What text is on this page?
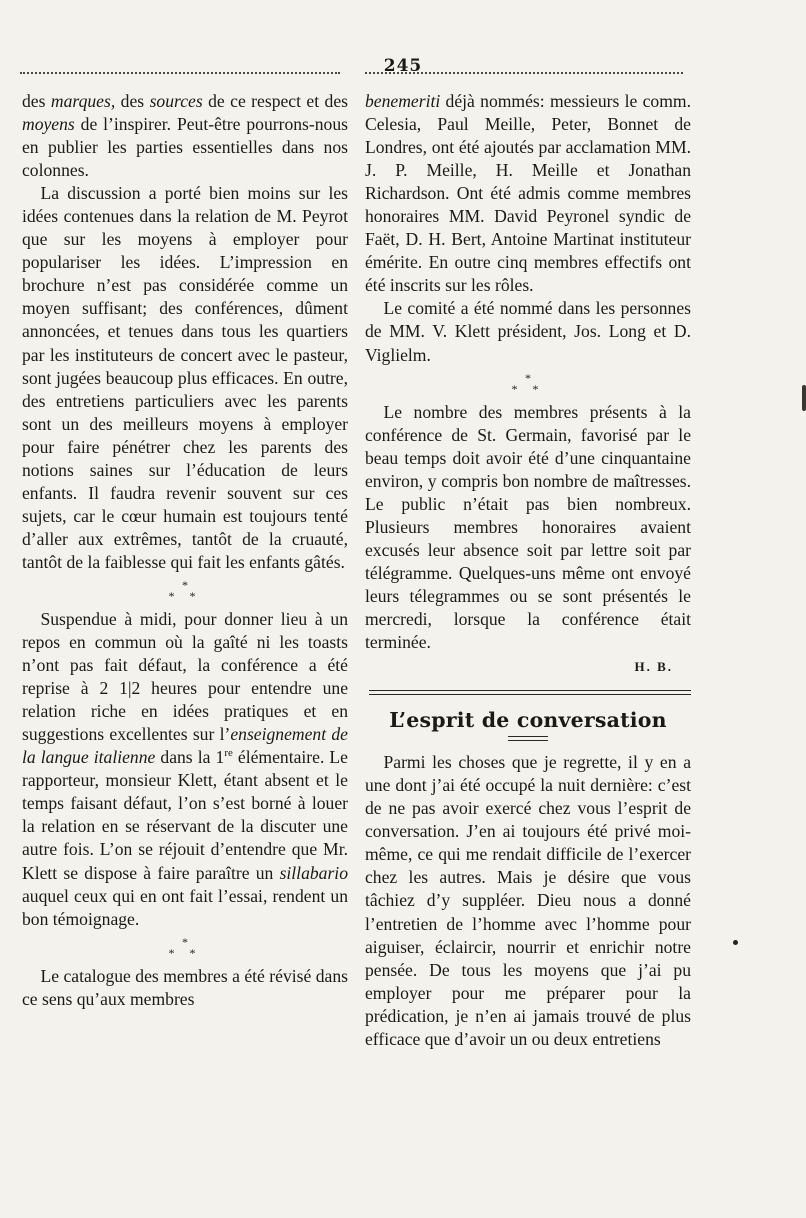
245

des marques, des sources de ce respect et des moyens de l’inspirer. Peut-être pourrons-nous en publier les parties essentielles dans nos colonnes.

La discussion a porté bien moins sur les idées contenues dans la relation de M. Peyrot que sur les moyens à employer pour populariser les idées. L’impression en brochure n’est pas considérée comme un moyen suffisant; des conférences, dûment annoncées, et tenues dans tous les quartiers par les instituteurs de concert avec le pasteur, sont jugées beaucoup plus efficaces. En outre, des entretiens particuliers avec les parents sont un des meilleurs moyens à employer pour faire pénétrer chez les parents des notions saines sur l’éducation de leurs enfants. Il faudra revenir souvent sur ces sujets, car le cœur humain est toujours tenté d’aller aux extrêmes, tantôt de la cruauté, tantôt de la faiblesse qui fait les enfants gâtés.

*
* *

Suspendue à midi, pour donner lieu à un repos en commun où la gaîté ni les toasts n’ont pas fait défaut, la conférence a été reprise à 2 1|2 heures pour entendre une relation riche en idées pratiques et en suggestions excellentes sur l’enseignement de la langue italienne dans la 1re élémentaire. Le rapporteur, monsieur Klett, étant absent et le temps faisant défaut, l’on s’est borné à louer la relation en se réservant de la discuter une autre fois. L’on se réjouit d’entendre que Mr. Klett se dispose à faire paraître un sillabario auquel ceux qui en ont fait l’essai, rendent un bon témoignage.

*
* *

Le catalogue des membres a été révisé dans ce sens qu’aux membres

benemeriti déjà nommés: messieurs le comm. Celesia, Paul Meille, Peter, Bonnet de Londres, ont été ajoutés par acclamation MM. J. P. Meille, H. Meille et Jonathan Richardson. Ont été admis comme membres honoraires MM. David Peyronel syndic de Faët, D. H. Bert, Antoine Martinat instituteur émérite. En outre cinq membres effectifs ont été inscrits sur les rôles.

Le comité a été nommé dans les personnes de MM. V. Klett président, Jos. Long et D. Viglielm.

*
* *

Le nombre des membres présents à la conférence de St. Germain, favorisé par le beau temps doit avoir été d’une cinquantaine environ, y compris bon nombre de maîtresses. Le public n’était pas bien nombreux. Plusieurs membres honoraires avaient excusés leur absence soit par lettre soit par télégramme. Quelques-uns même ont envoyé leurs télegrammes ou se sont présentés le mercredi, lorsque la conférence était terminée.

H. B.
L’esprit de conversation

Parmi les choses que je regrette, il y en a une dont j’ai été occupé la nuit dernière: c’est de ne pas avoir exercé chez vous l’esprit de conversation. J’en ai toujours été privé moi-même, ce qui me rendait difficile de l’exercer chez les autres. Mais je désire que vous tâchiez d’y suppléer. Dieu nous a donné l’entretien de l’homme avec l’homme pour aiguiser, éclaircir, nourrir et enrichir notre pensée. De tous les moyens que j’ai pu employer pour me préparer pour la prédication, je n’en ai jamais trouvé de plus efficace que d’avoir un ou deux entretiens
